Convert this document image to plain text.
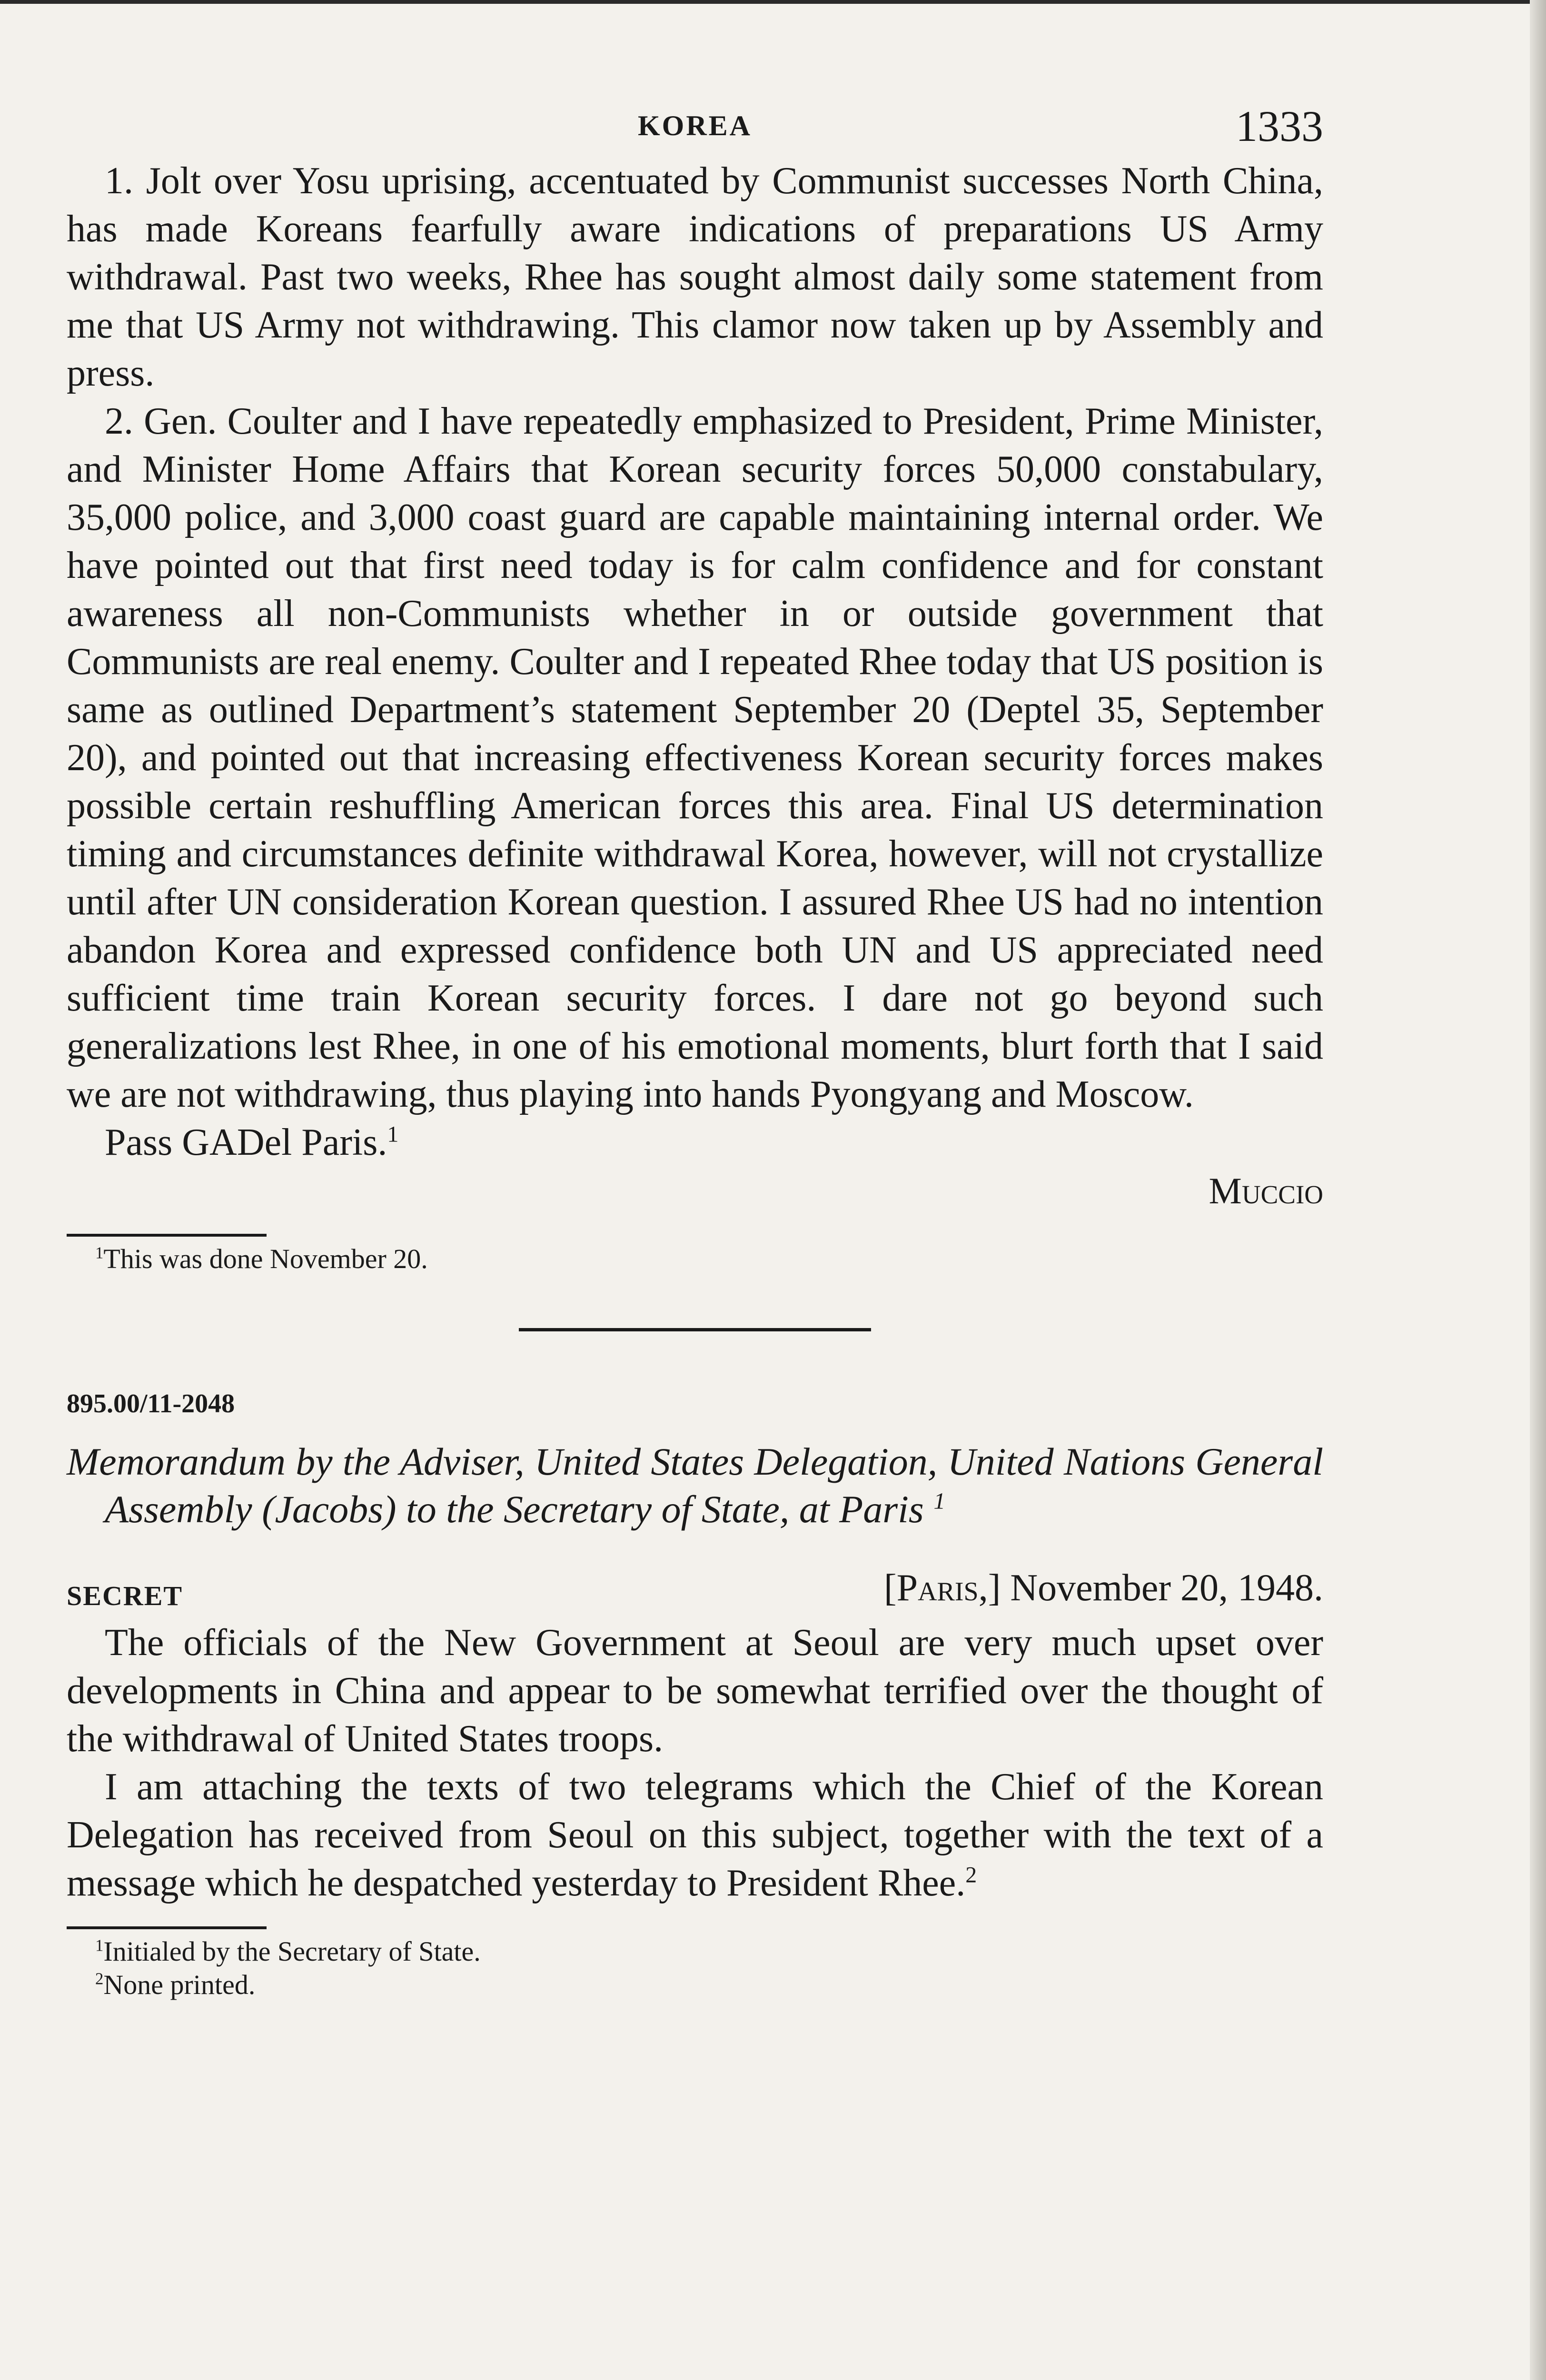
KOREA	1333

1. Jolt over Yosu uprising, accentuated by Communist successes North China, has made Koreans fearfully aware indications of preparations US Army withdrawal. Past two weeks, Rhee has sought almost daily some statement from me that US Army not withdrawing. This clamor now taken up by Assembly and press.

2. Gen. Coulter and I have repeatedly emphasized to President, Prime Minister, and Minister Home Affairs that Korean security forces 50,000 constabulary, 35,000 police, and 3,000 coast guard are capable maintaining internal order. We have pointed out that first need today is for calm confidence and for constant awareness all non-Communists whether in or outside government that Communists are real enemy. Coulter and I repeated Rhee today that US position is same as outlined Department’s statement September 20 (Deptel 35, September 20), and pointed out that increasing effectiveness Korean security forces makes possible certain reshuffling American forces this area. Final US determination timing and circumstances definite withdrawal Korea, however, will not crystallize until after UN consideration Korean question. I assured Rhee US had no intention abandon Korea and expressed confidence both UN and US appreciated need sufficient time train Korean security forces. I dare not go beyond such generalizations lest Rhee, in one of his emotional moments, blurt forth that I said we are not withdrawing, thus playing into hands Pyongyang and Moscow.

Pass GADel Paris.$^1$

Muccio

$^1$This was done November 20.

895.00/11-2048

Memorandum by the Adviser, United States Delegation, United Nations General Assembly (Jacobs) to the Secretary of State, at Paris $^1$

SECRET	[Paris,] November 20, 1948.

The officials of the New Government at Seoul are very much upset over developments in China and appear to be somewhat terrified over the thought of the withdrawal of United States troops.

I am attaching the texts of two telegrams which the Chief of the Korean Delegation has received from Seoul on this subject, together with the text of a message which he despatched yesterday to President Rhee.$^2$

$^1$Initialed by the Secretary of State.

$^2$None printed.
